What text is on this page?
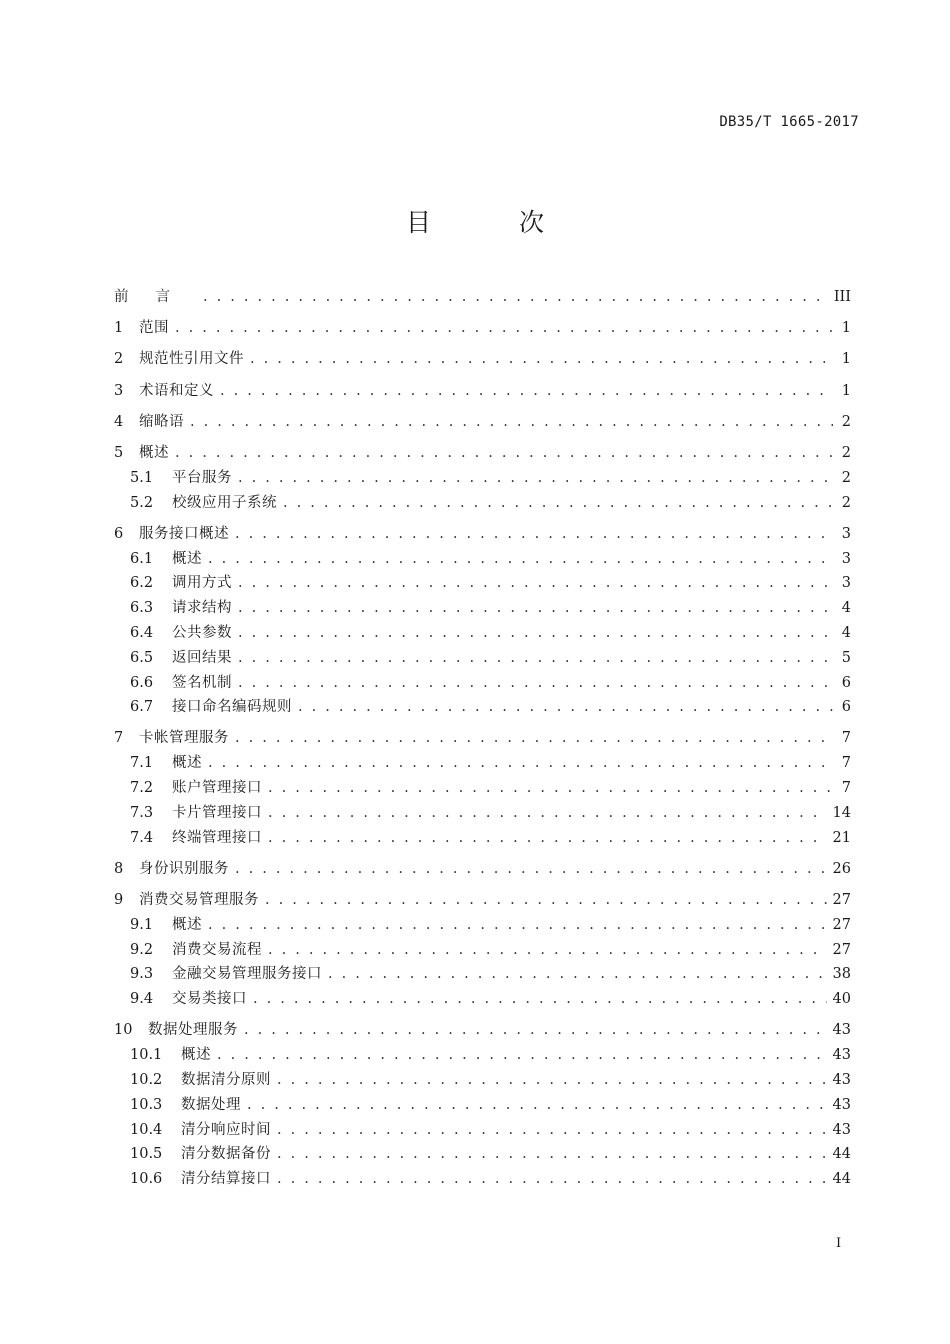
DB35/T 1665-2017
目 次
前言 . . .	III
1	范围 . . .	1
2	规范性引用文件 . . .	1
3	术语和定义 . . .	1
4	缩略语 . . .	2
5	概述 . . .	2
5.1	平台服务 . . .	2
5.2	校级应用子系统 . . .	2
6	服务接口概述 . . .	3
6.1	概述 . . .	3
6.2	调用方式 . . .	3
6.3	请求结构 . . .	4
6.4	公共参数 . . .	4
6.5	返回结果 . . .	5
6.6	签名机制 . . .	6
6.7	接口命名编码规则 . . .	6
7	卡帐管理服务 . . .	7
7.1	概述 . . .	7
7.2	账户管理接口 . . .	7
7.3	卡片管理接口 . . .	14
7.4	终端管理接口 . . .	21
8	身份识别服务 . . .	26
9	消费交易管理服务 . . .	27
9.1	概述 . . .	27
9.2	消费交易流程 . . .	27
9.3	金融交易管理服务接口 . . .	38
9.4	交易类接口 . . .	40
10	数据处理服务 . . .	43
10.1	概述 . . .	43
10.2	数据清分原则 . . .	43
10.3	数据处理 . . .	43
10.4	清分响应时间 . . .	43
10.5	清分数据备份 . . .	44
10.6	清分结算接口 . . .	44
I
